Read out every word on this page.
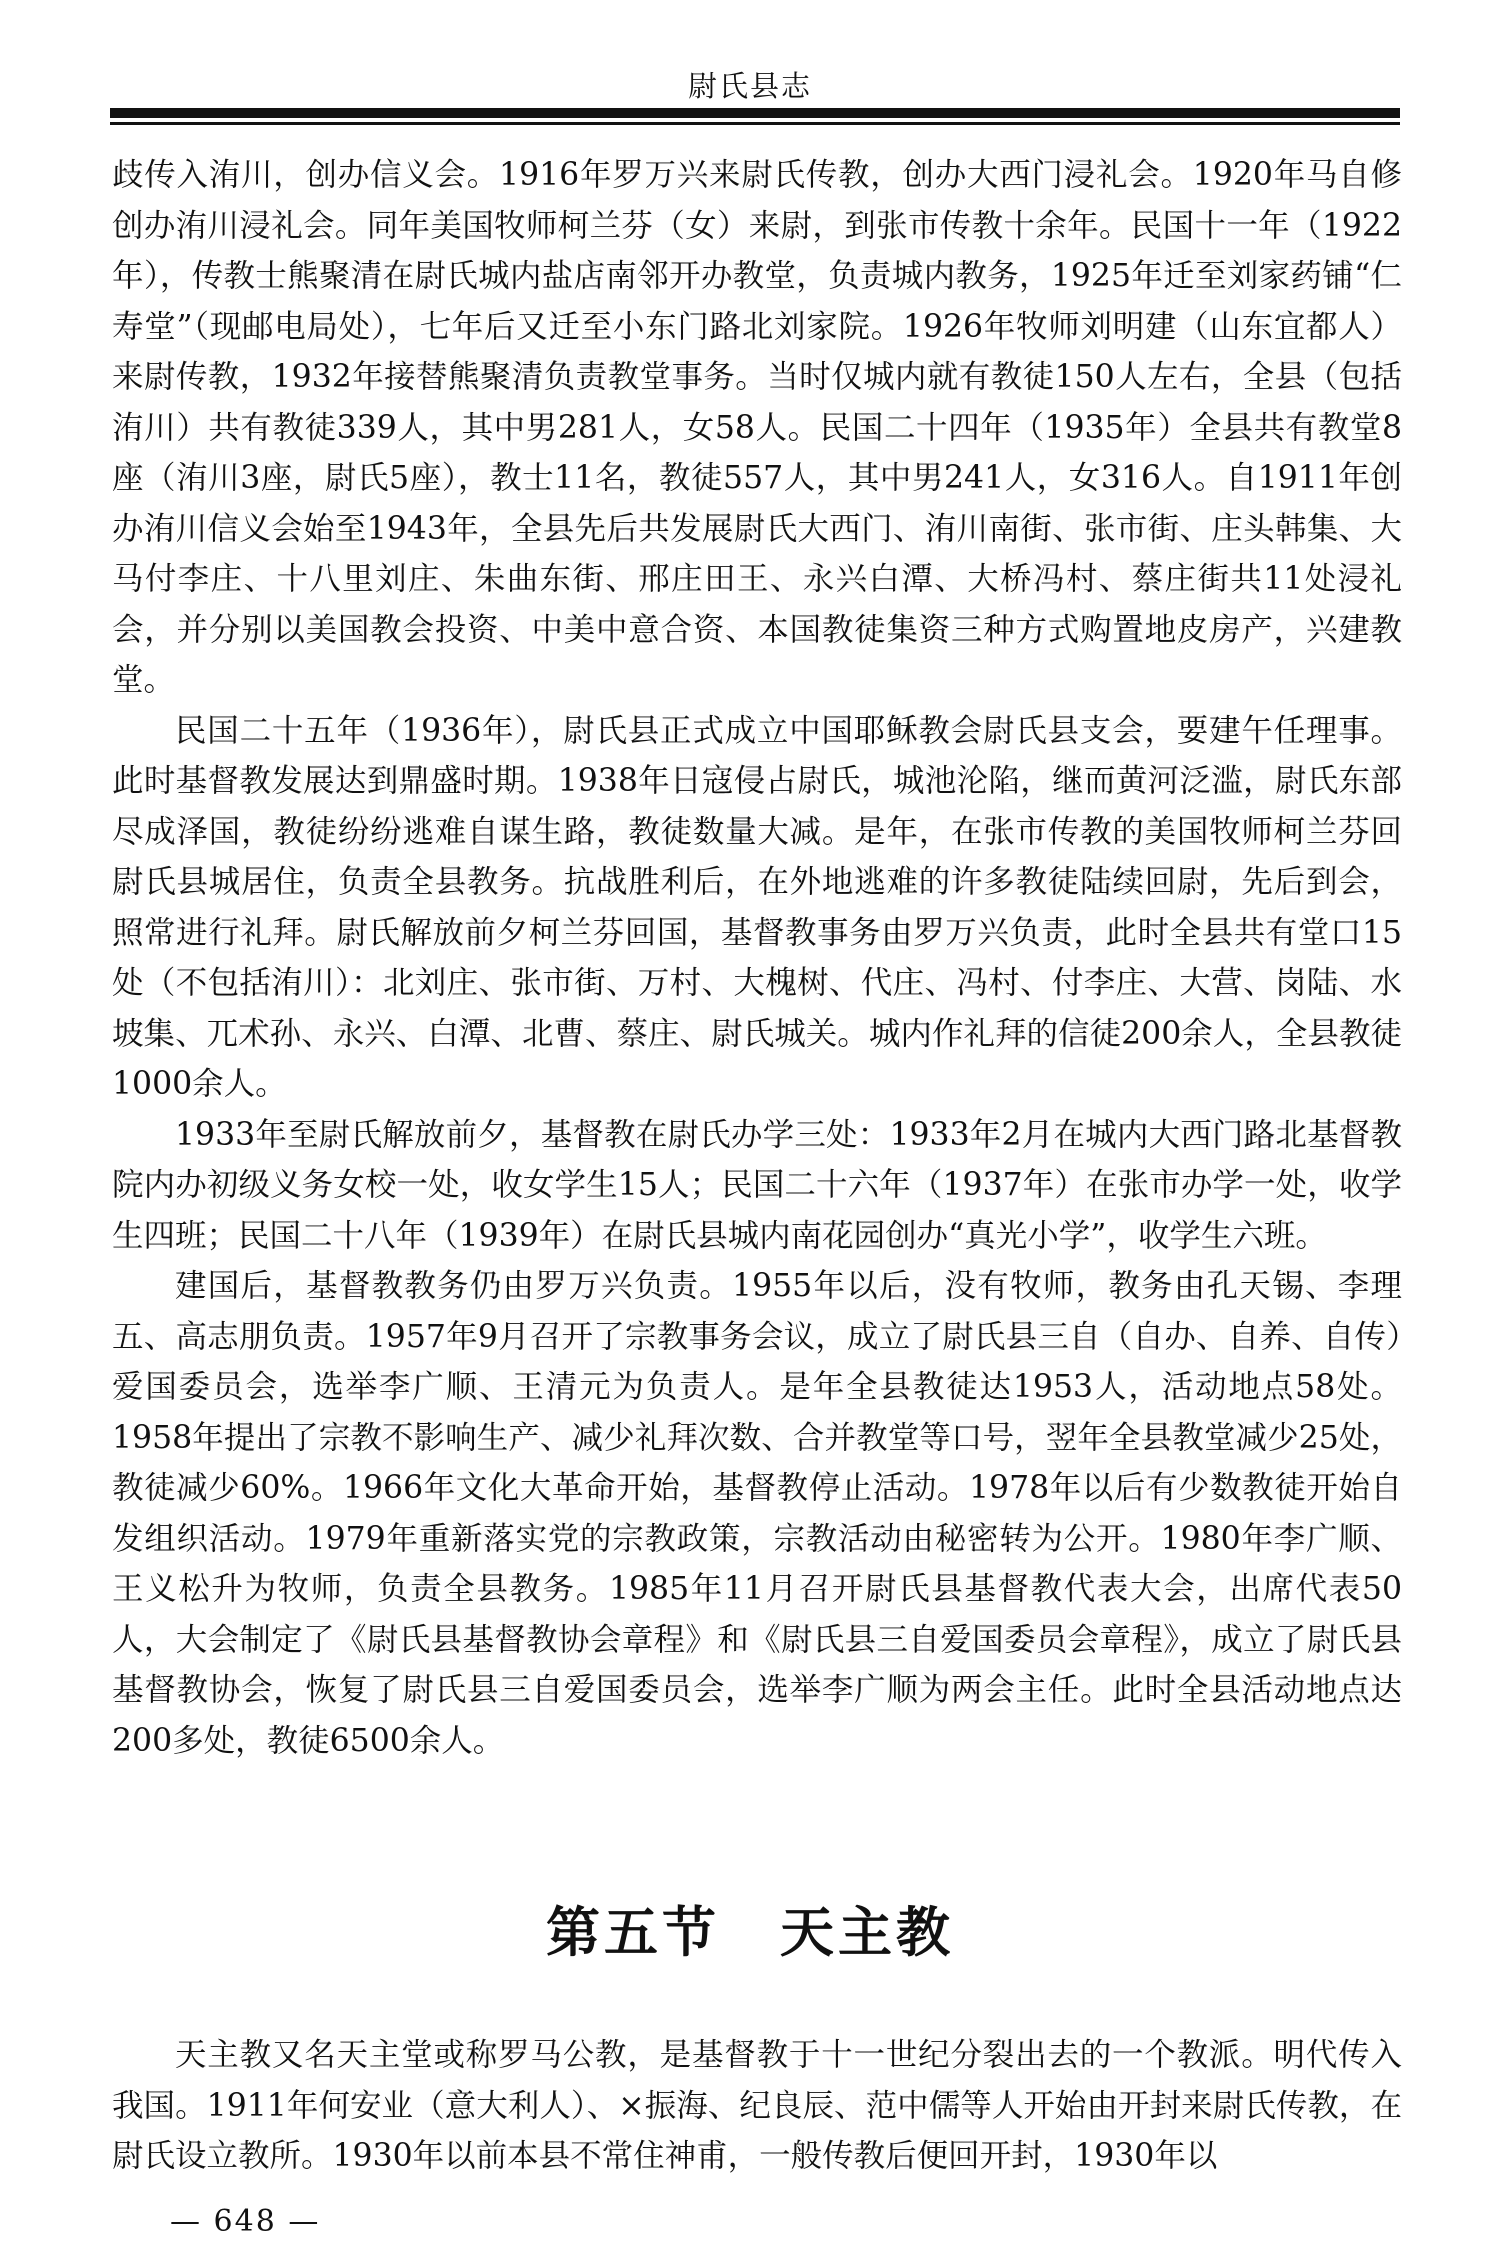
尉氏县志

歧传入洧川，创办信义会。1916年罗万兴来尉氏传教，创办大西门浸礼会。1920年马自修创办洧川浸礼会。同年美国牧师柯兰芬（女）来尉，到张市传教十余年。民国十一年（1922年），传教士熊聚清在尉氏城内盐店南邻开办教堂，负责城内教务，1925年迁至刘家药铺“仁寿堂”（现邮电局处），七年后又迁至小东门路北刘家院。1926年牧师刘明建（山东宜都人）来尉传教，1932年接替熊聚清负责教堂事务。当时仅城内就有教徒150人左右，全县（包括洧川）共有教徒339人，其中男281人，女58人。民国二十四年（1935年）全县共有教堂8座（洧川3座，尉氏5座），教士11名，教徒557人，其中男241人，女316人。自1911年创办洧川信义会始至1943年，全县先后共发展尉氏大西门、洧川南街、张市街、庄头韩集、大马付李庄、十八里刘庄、朱曲东街、邢庄田王、永兴白潭、大桥冯村、蔡庄街共11处浸礼会，并分别以美国教会投资、中美中意合资、本国教徒集资三种方式购置地皮房产，兴建教堂。

民国二十五年（1936年），尉氏县正式成立中国耶稣教会尉氏县支会，要建午任理事。此时基督教发展达到鼎盛时期。1938年日寇侵占尉氏，城池沦陷，继而黄河泛滥，尉氏东部尽成泽国，教徒纷纷逃难自谋生路，教徒数量大减。是年，在张市传教的美国牧师柯兰芬回尉氏县城居住，负责全县教务。抗战胜利后，在外地逃难的许多教徒陆续回尉，先后到会，照常进行礼拜。尉氏解放前夕柯兰芬回国，基督教事务由罗万兴负责，此时全县共有堂口15处（不包括洧川）：北刘庄、张市街、万村、大槐树、代庄、冯村、付李庄、大营、岗陆、水坡集、兀术孙、永兴、白潭、北曹、蔡庄、尉氏城关。城内作礼拜的信徒200余人，全县教徒1000余人。

1933年至尉氏解放前夕，基督教在尉氏办学三处：1933年2月在城内大西门路北基督教院内办初级义务女校一处，收女学生15人；民国二十六年（1937年）在张市办学一处，收学生四班；民国二十八年（1939年）在尉氏县城内南花园创办“真光小学”，收学生六班。

建国后，基督教教务仍由罗万兴负责。1955年以后，没有牧师，教务由孔天锡、李理五、高志朋负责。1957年9月召开了宗教事务会议，成立了尉氏县三自（自办、自养、自传）爱国委员会，选举李广顺、王清元为负责人。是年全县教徒达1953人，活动地点58处。1958年提出了宗教不影响生产、减少礼拜次数、合并教堂等口号，翌年全县教堂减少25处，教徒减少60%。1966年文化大革命开始，基督教停止活动。1978年以后有少数教徒开始自发组织活动。1979年重新落实党的宗教政策，宗教活动由秘密转为公开。1980年李广顺、王义松升为牧师，负责全县教务。1985年11月召开尉氏县基督教代表大会，出席代表50人，大会制定了《尉氏县基督教协会章程》和《尉氏县三自爱国委员会章程》，成立了尉氏县基督教协会，恢复了尉氏县三自爱国委员会，选举李广顺为两会主任。此时全县活动地点达200多处，教徒6500余人。

第五节 天主教

天主教又名天主堂或称罗马公教，是基督教于十一世纪分裂出去的一个教派。明代传入我国。1911年何安业（意大利人）、×振海、纪良辰、范中儒等人开始由开封来尉氏传教，在尉氏设立教所。1930年以前本县不常住神甫，一般传教后便回开封，1930年以

— 648 —
